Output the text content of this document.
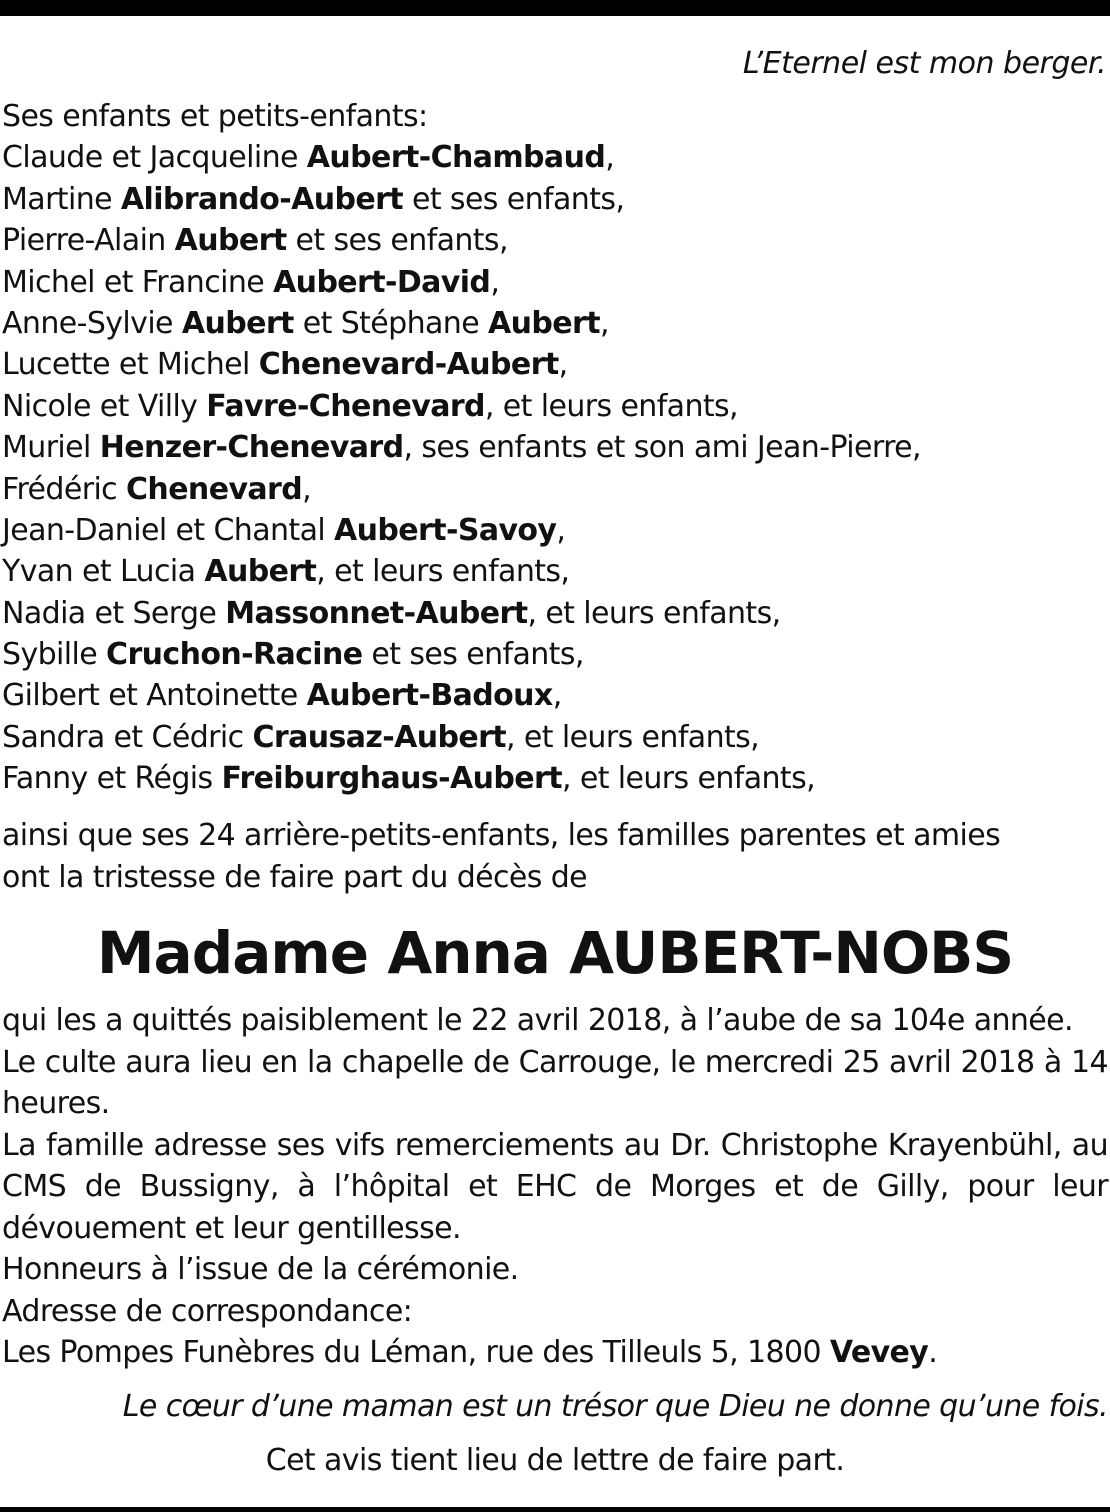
L’Eternel est mon berger.
Ses enfants et petits-enfants:
Claude et Jacqueline Aubert-Chambaud,
Martine Alibrando-Aubert et ses enfants,
Pierre-Alain Aubert et ses enfants,
Michel et Francine Aubert-David,
Anne-Sylvie Aubert et Stéphane Aubert,
Lucette et Michel Chenevard-Aubert,
Nicole et Villy Favre-Chenevard, et leurs enfants,
Muriel Henzer-Chenevard, ses enfants et son ami Jean-Pierre,
Frédéric Chenevard,
Jean-Daniel et Chantal Aubert-Savoy,
Yvan et Lucia Aubert, et leurs enfants,
Nadia et Serge Massonnet-Aubert, et leurs enfants,
Sybille Cruchon-Racine et ses enfants,
Gilbert et Antoinette Aubert-Badoux,
Sandra et Cédric Crausaz-Aubert, et leurs enfants,
Fanny et Régis Freiburghaus-Aubert, et leurs enfants,
ainsi que ses 24 arrière-petits-enfants, les familles parentes et amies
ont la tristesse de faire part du décès de
Madame Anna AUBERT-NOBS
qui les a quittés paisiblement le 22 avril 2018, à l’aube de sa 104e année.
Le culte aura lieu en la chapelle de Carrouge, le mercredi 25 avril 2018 à 14 heures.
La famille adresse ses vifs remerciements au Dr. Christophe Krayenbühl, au CMS de Bussigny, à l’hôpital et EHC de Morges et de Gilly, pour leur dévouement et leur gentillesse.
Honneurs à l’issue de la cérémonie.
Adresse de correspondance:
Les Pompes Funèbres du Léman, rue des Tilleuls 5, 1800 Vevey.
Le cœur d’une maman est un trésor que Dieu ne donne qu’une fois.
Cet avis tient lieu de lettre de faire part.
